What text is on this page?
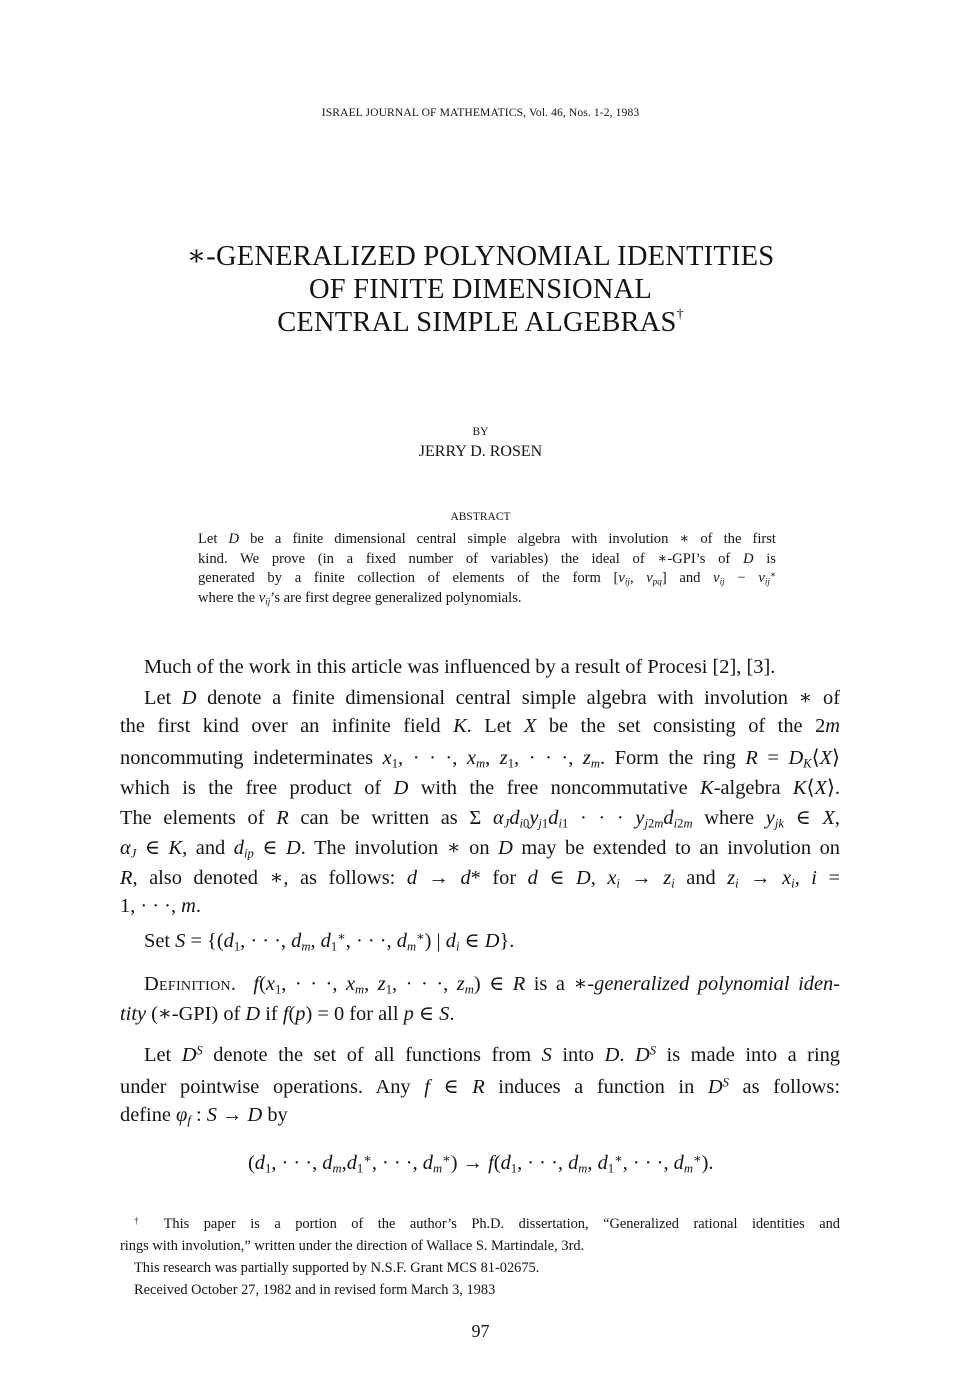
ISRAEL JOURNAL OF MATHEMATICS, Vol. 46, Nos. 1-2, 1983
∗-GENERALIZED POLYNOMIAL IDENTITIES
OF FINITE DIMENSIONAL
CENTRAL SIMPLE ALGEBRAS†
BY
JERRY D. ROSEN
ABSTRACT
Let D be a finite dimensional central simple algebra with involution ∗ of the first
kind. We prove (in a fixed number of variables) the ideal of ∗-GPI’s of D is
generated by a finite collection of elements of the form [$v_{ij}$, $v_{pq}$] and $v_{ij} - v_{ij}^∗$
where the $v_{ij}’s$ are first degree generalized polynomials.
Much of the work in this article was influenced by a result of Procesi [2], [3].
Let D denote a finite dimensional central simple algebra with involution ∗ of
the first kind over an infinite field K. Let X be the set consisting of the 2m
noncommuting indeterminates $x_1$, · · ·, $x_m$, $z_1$, · · ·, $z_m$. Form the ring $R = D_K⟨X⟩$
which is the free product of D with the free noncommutative K-algebra K⟨X⟩.
The elements of R can be written as Σ $\alpha_Jd_{i0}y_{j1}d_{i1}$ · · · $y_{j2m}d_{i2m}$ where $y_{jk}$ ∈ X,
$\alpha_J$ ∈ K, and $d_{ip}$ ∈ D. The involution ∗ on D may be extended to an involution on
R, also denoted ∗, as follows: d → d* for d ∈ D, $x_i \to z_i$ and $z_i \to x_i$, i =
1, · · ·, m.
Set $S = \{(d_1$, · · ·, $d_m$, $d_1^∗$, · · ·, $d_m^∗$) | $d_i$ ∈ D}.
Definition. $f(x_1$, · · ·, $x_m$, $z_1$, · · ·, $z_m$) ∈ R is a ∗-generalized polynomial iden-
tity (∗-GPI) of D if f(p) = 0 for all p ∈ S.
Let $D^S$ denote the set of all functions from S into D. $D^S$ is made into a ring
under pointwise operations. Any f ∈ R induces a function in $D^S$ as follows:
define $\varphi_f$ : S → D by
($d_1$, · · ·, $d_m,d_1^∗$, · · ·, $d_m^∗) \to f(d_1$, · · ·, $d_m$, $d_1^∗$, · · ·, $d_m^∗$).
† This paper is a portion of the author’s Ph.D. dissertation, “Generalized rational identities and
rings with involution,” written under the direction of Wallace S. Martindale, 3rd.
This research was partially supported by N.S.F. Grant MCS 81-02675.
Received October 27, 1982 and in revised form March 3, 1983
97
